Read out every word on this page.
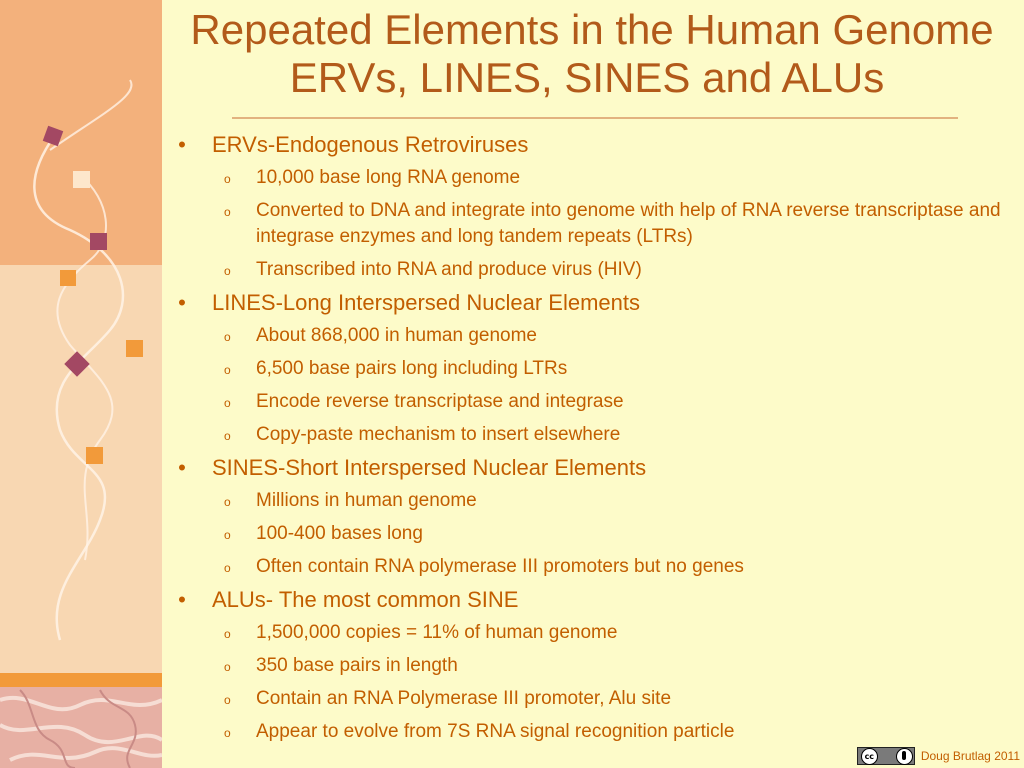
Repeated Elements in the Human Genome
ERVs, LINES, SINES and ALUs
• ERVs-Endogenous Retroviruses
o 10,000 base long RNA genome
o Converted to DNA and integrate into genome with help of RNA reverse transcriptase and integrase enzymes and long tandem repeats (LTRs)
o Transcribed into RNA and produce virus (HIV)
• LINES-Long Interspersed Nuclear Elements
o About 868,000 in human genome
o 6,500 base pairs long including LTRs
o Encode reverse transcriptase and integrase
o Copy-paste mechanism to insert elsewhere
• SINES-Short Interspersed Nuclear Elements
o Millions in human genome
o 100-400 bases long
o Often contain RNA polymerase III promoters but no genes
• ALUs- The most common SINE
o 1,500,000 copies = 11% of human genome
o 350 base pairs in length
o Contain an RNA Polymerase III promoter, Alu site
o Appear to evolve from 7S RNA signal recognition particle
cc	Doug Brutlag 2011
